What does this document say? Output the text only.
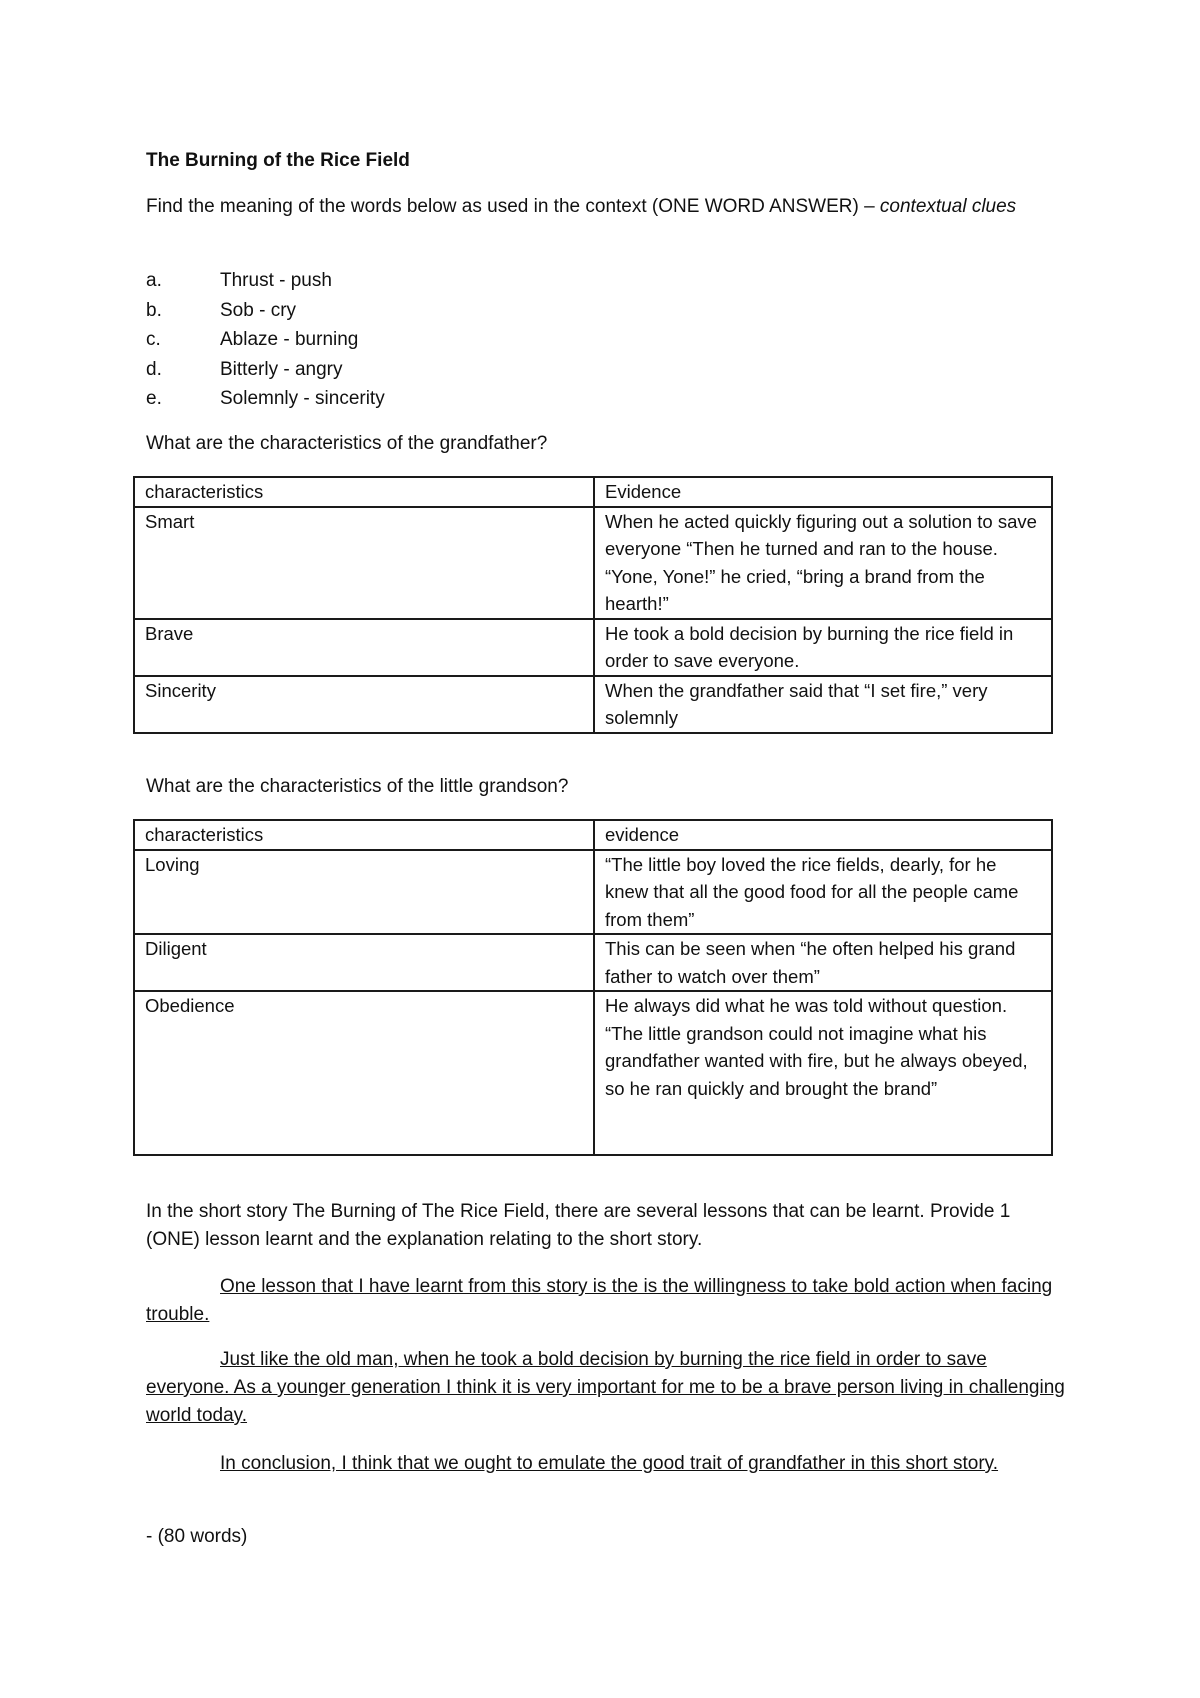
The Burning of the Rice Field
Find the meaning of the words below as used in the context (ONE WORD ANSWER) – contextual clues
a.	Thrust - push
b.	Sob - cry
c.	Ablaze - burning
d.	Bitterly - angry
e.	Solemnly - sincerity
What are the characteristics of the grandfather?
characteristics	Evidence
Smart	When he acted quickly figuring out a solution to save everyone “Then he turned and ran to the house. “Yone, Yone!” he cried, “bring a brand from the hearth!”
Brave	He took a bold decision by burning the rice field in order to save everyone.
Sincerity	When the grandfather said that “I set fire,” very solemnly
What are the characteristics of the little grandson?
characteristics	evidence
Loving	“The little boy loved the rice fields, dearly, for he knew that all the good food for all the people came from them”
Diligent	This can be seen when “he often helped his grand father to watch over them”
Obedience	He always did what he was told without question. “The little grandson could not imagine what his grandfather wanted with fire, but he always obeyed, so he ran quickly and brought the brand”
In the short story The Burning of The Rice Field, there are several lessons that can be learnt. Provide 1 (ONE) lesson learnt and the explanation relating to the short story.
One lesson that I have learnt from this story is the is the willingness to take bold action when facing trouble.
Just like the old man, when he took a bold decision by burning the rice field in order to save everyone. As a younger generation I think it is very important for me to be a brave person living in challenging world today.
In conclusion, I think that we ought to emulate the good trait of grandfather in this short story.
- (80 words)
